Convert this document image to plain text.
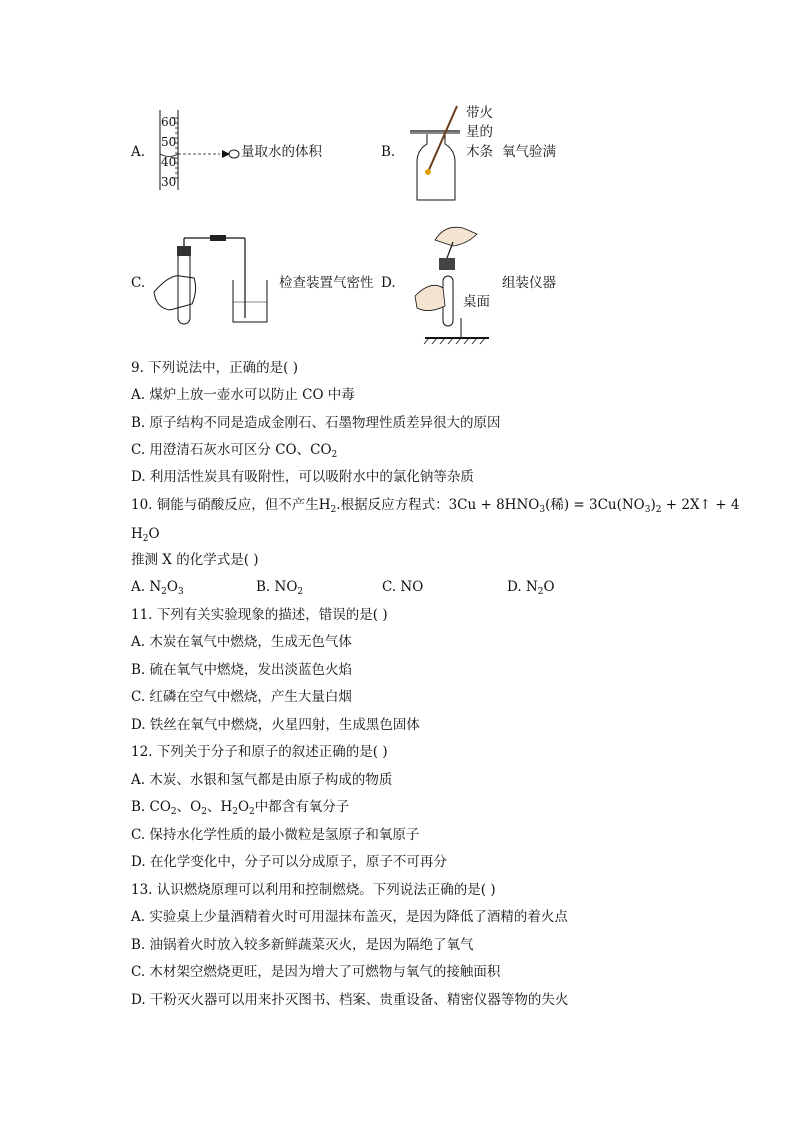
A.
60
50
40
30
量取水的体积	B.
带火
星的
木条 氧气验满
C.	检查装置气密性 D.
桌面
组装仪器
9. 下列说法中，正确的是( )
A. 煤炉上放一壶水可以防止 CO 中毒
B. 原子结构不同是造成金刚石、石墨物理性质差异很大的原因
C. 用澄清石灰水可区分 CO、$CO_2$
D. 利用活性炭具有吸附性，可以吸附水中的氯化钠等杂质
10. 铜能与硝酸反应，但不产生$H_2$.根据反应方程式：$3Cu + 8HNO_3$(稀) = $3Cu(NO_3)_2$ + 2X↑ + 4
$H_2O$
推测 X 的化学式是( )
A. $N_2O_3$	B. $NO_2$	C. NO	D. $N_2O$
11. 下列有关实验现象的描述，错误的是( )
A. 木炭在氧气中燃烧，生成无色气体
B. 硫在氧气中燃烧，发出淡蓝色火焰
C. 红磷在空气中燃烧，产生大量白烟
D. 铁丝在氧气中燃烧，火星四射，生成黑色固体
12. 下列关于分子和原子的叙述正确的是( )
A. 木炭、水银和氢气都是由原子构成的物质
B. $CO_2$、$O_2$、$H_2O_2$中都含有氧分子
C. 保持水化学性质的最小微粒是氢原子和氧原子
D. 在化学变化中，分子可以分成原子，原子不可再分
13. 认识燃烧原理可以利用和控制燃烧。下列说法正确的是( )
A. 实验桌上少量酒精着火时可用湿抹布盖灭，是因为降低了酒精的着火点
B. 油锅着火时放入较多新鲜蔬菜灭火，是因为隔绝了氧气
C. 木材架空燃烧更旺，是因为增大了可燃物与氧气的接触面积
D. 干粉灭火器可以用来扑灭图书、档案、贵重设备、精密仪器等物的失火
